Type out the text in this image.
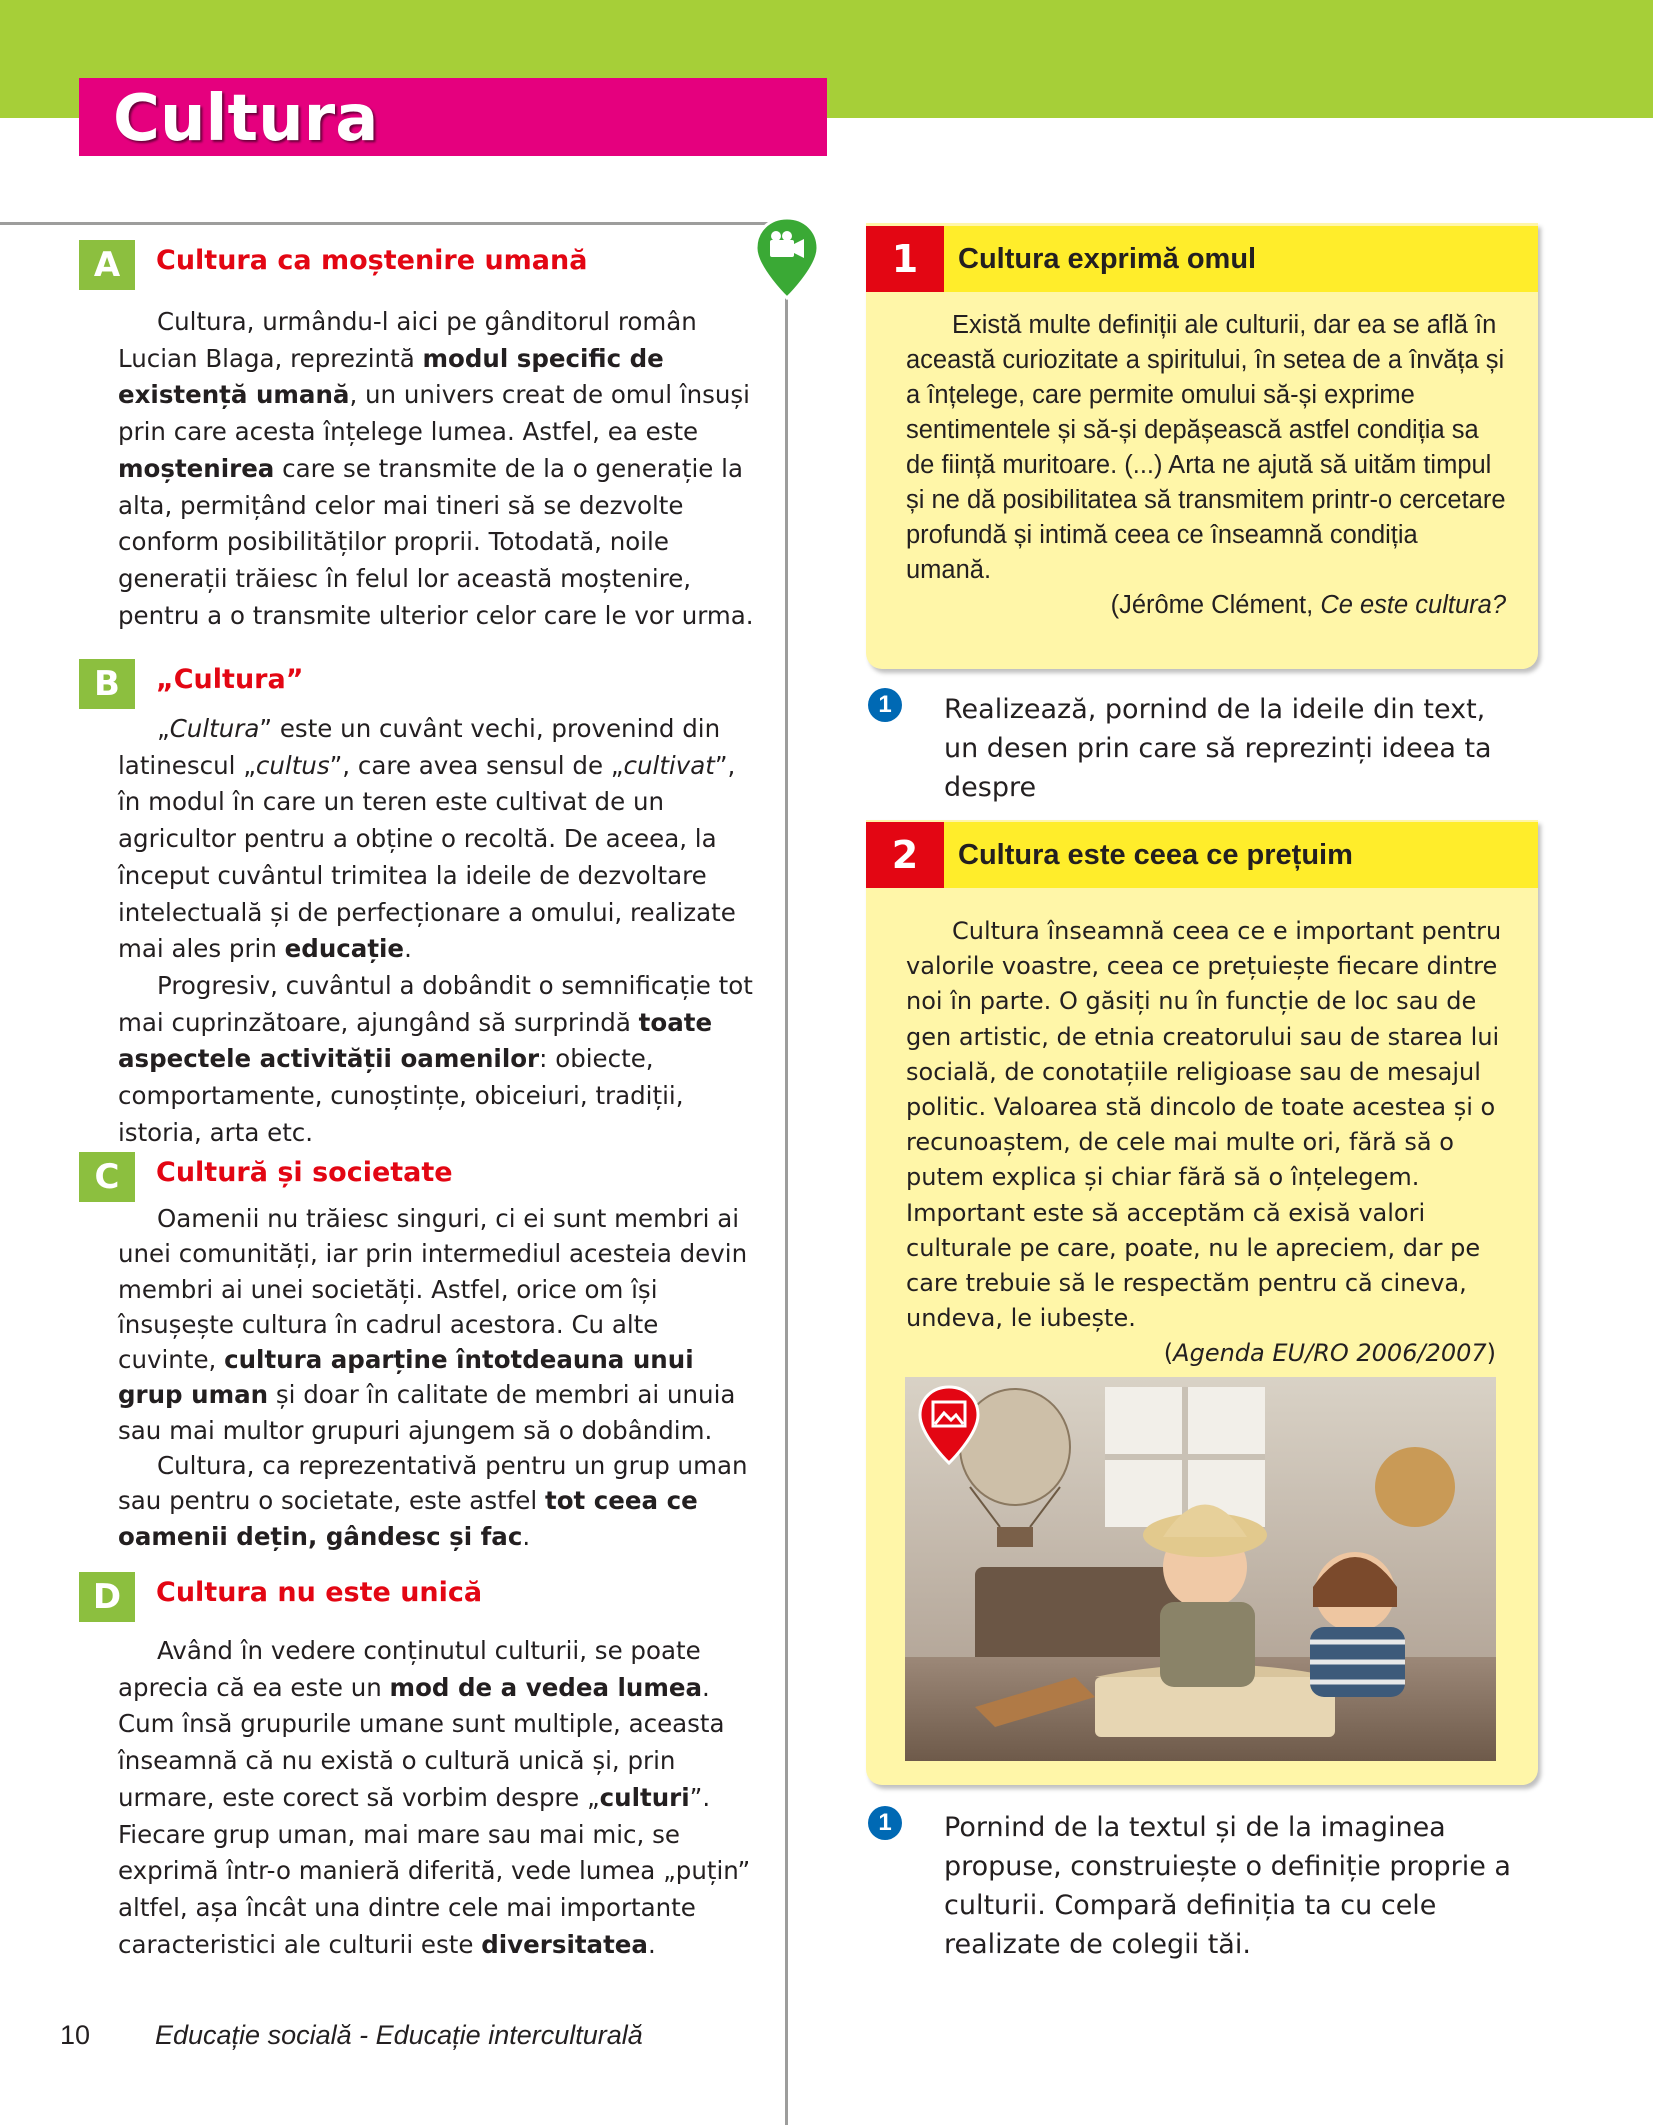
Cultura
A	Cultura ca moștenire umană

Cultura, urmându-l aici pe gânditorul român Lucian Blaga, reprezintă modul specific de existență umană, un univers creat de omul însuși prin care acesta înțelege lumea. Astfel, ea este moștenirea care se transmite de la o generație la alta, permițând celor mai tineri să se dezvolte conform posibilităților proprii. Totodată, noile generații trăiesc în felul lor această moștenire, pentru a o transmite ulterior celor care le vor urma.

B	„Cultura”

„Cultura” este un cuvânt vechi, provenind din latinescul „cultus”, care avea sensul de „cultivat”, în modul în care un teren este cultivat de un agricultor pentru a obține o recoltă. De aceea, la început cuvântul trimitea la ideile de dezvoltare intelectuală și de perfecționare a omului, realizate mai ales prin educație.

Progresiv, cuvântul a dobândit o semnificație tot mai cuprinzătoare, ajungând să surprindă toate aspectele activității oamenilor: obiecte, comportamente, cunoștințe, obiceiuri, tradiții, istoria, arta etc.

C	Cultură și societate

Oamenii nu trăiesc singuri, ci ei sunt membri ai unei comunități, iar prin intermediul acesteia devin membri ai unei societăți. Astfel, orice om își însușește cultura în cadrul acestora. Cu alte cuvinte, cultura aparține întotdeauna unui grup uman și doar în calitate de membri ai unuia sau mai multor grupuri ajungem să o dobândim.

Cultura, ca reprezentativă pentru un grup uman sau pentru o societate, este astfel tot ceea ce oamenii dețin, gândesc și fac.

D	Cultura nu este unică

Având în vedere conținutul culturii, se poate aprecia că ea este un mod de a vedea lumea. Cum însă grupurile umane sunt multiple, aceasta înseamnă că nu există o cultură unică și, prin urmare, este corect să vorbim despre „culturi”. Fiecare grup uman, mai mare sau mai mic, se exprimă într-o manieră diferită, vede lumea „puțin” altfel, așa încât una dintre cele mai importante caracteristici ale culturii este diversitatea.

1	Cultura exprimă omul

Există multe definiții ale culturii, dar ea se află în această curiozitate a spiritului, în setea de a învăța și a înțelege, care permite omului să-și exprime sentimentele și să-și depășească astfel condiția sa de ființă muritoare. (...) Arta ne ajută să uităm timpul și ne dă posibilitatea să transmitem printr-o cercetare profundă și intimă ceea ce înseamnă condiția umană.

(Jérôme Clément, Ce este cultura?
1	Realizează, pornind de la ideile din text, un desen prin care să reprezinți ideea ta despre
2	Cultura este ceea ce prețuim

Cultura înseamnă ceea ce e important pentru valorile voastre, ceea ce prețuiește fiecare dintre noi în parte. O găsiți nu în funcție de loc sau de gen artistic, de etnia creatorului sau de starea lui socială, de conotațiile religioase sau de mesajul politic. Valoarea stă dincolo de toate acestea și o recunoaștem, de cele mai multe ori, fără să o putem explica și chiar fără să o înțelegem. Important este să acceptăm că exisă valori culturale pe care, poate, nu le apreciem, dar pe care trebuie să le respectăm pentru că cineva, undeva, le iubește.

(Agenda EU/RO 2006/2007)
1	Pornind de la textul și de la imaginea propuse, construiește o definiție proprie a culturii. Compară definiția ta cu cele realizate de colegii tăi.
10 Educație socială - Educație interculturală
